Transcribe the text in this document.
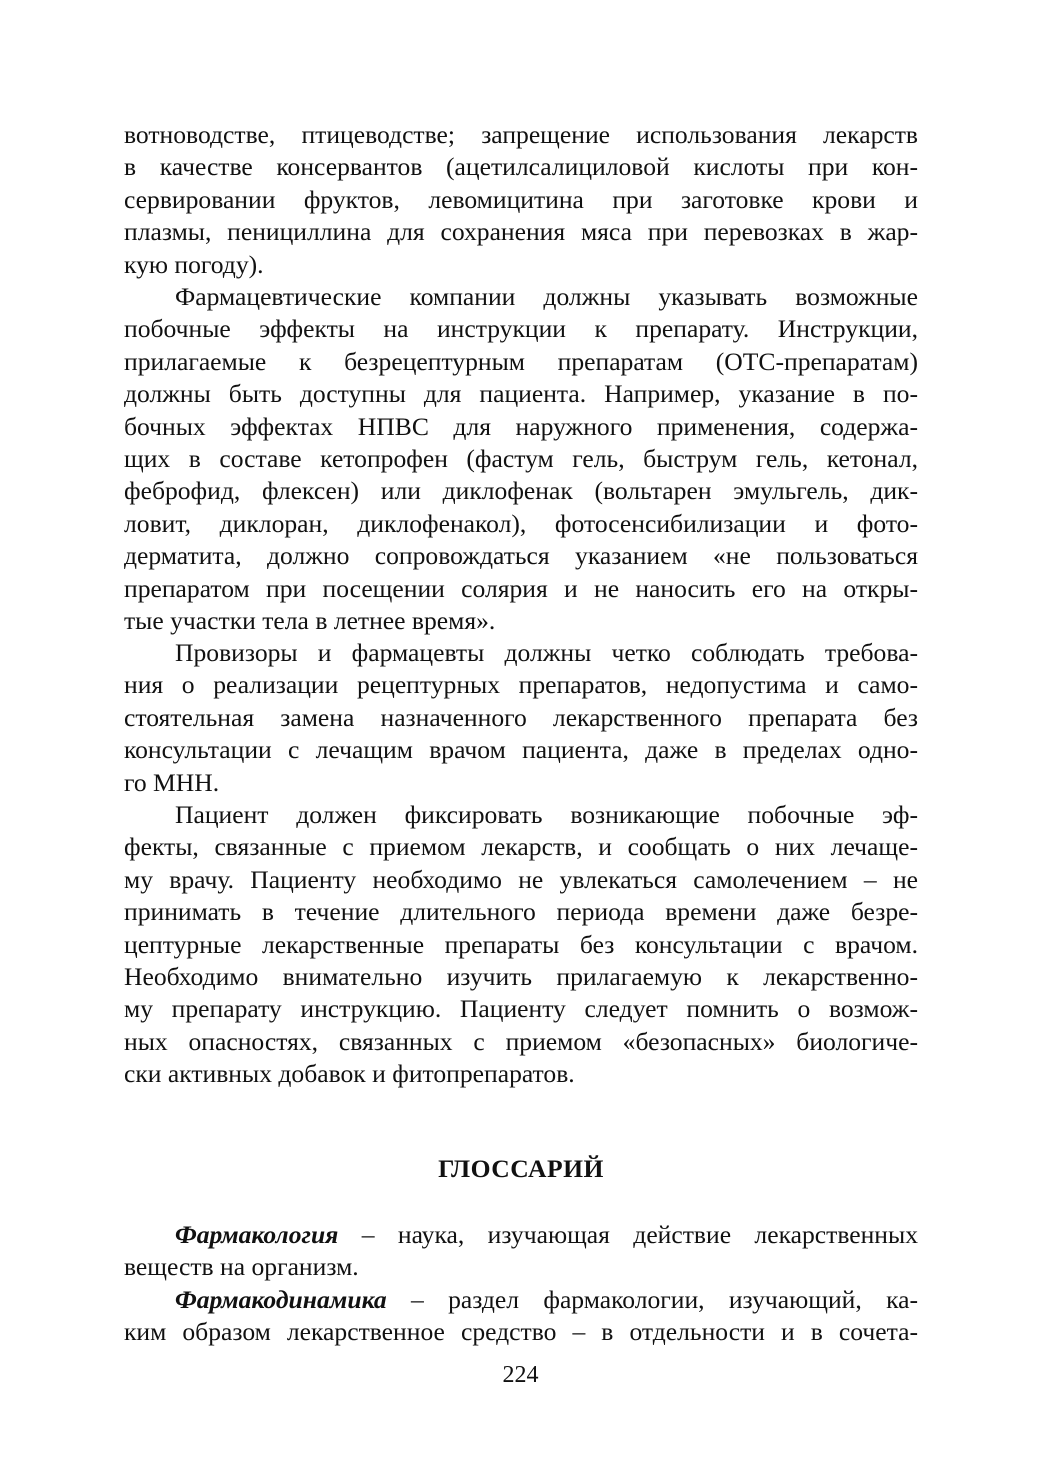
вотноводстве, птицеводстве; запрещение использования лекарств
в качестве консервантов (ацетилсалициловой кислоты при кон-
сервировании фруктов, левомицитина при заготовке крови и
плазмы, пенициллина для сохранения мяса при перевозках в жар-
кую погоду).
Фармацевтические компании должны указывать возможные
побочные эффекты на инструкции к препарату. Инструкции,
прилагаемые к безрецептурным препаратам (ОТС-препаратам)
должны быть доступны для пациента. Например, указание в по-
бочных эффектах НПВС для наружного применения, содержа-
щих в составе кетопрофен (фастум гель, быструм гель, кетонал,
феброфид, флексен) или диклофенак (вольтарен эмульгель, дик-
ловит, диклоран, диклофенакол), фотосенсибилизации и фото-
дерматита, должно сопровождаться указанием «не пользоваться
препаратом при посещении солярия и не наносить его на откры-
тые участки тела в летнее время».
Провизоры и фармацевты должны четко соблюдать требова-
ния о реализации рецептурных препаратов, недопустима и само-
стоятельная замена назначенного лекарственного препарата без
консультации с лечащим врачом пациента, даже в пределах одно-
го МНН.
Пациент должен фиксировать возникающие побочные эф-
фекты, связанные с приемом лекарств, и сообщать о них лечаще-
му врачу. Пациенту необходимо не увлекаться самолечением – не
принимать в течение длительного периода времени даже безре-
цептурные лекарственные препараты без консультации с врачом.
Необходимо внимательно изучить прилагаемую к лекарственно-
му препарату инструкцию. Пациенту следует помнить о возмож-
ных опасностях, связанных с приемом «безопасных» биологиче-
ски активных добавок и фитопрепаратов.
ГЛОССАРИЙ
Фармакология – наука, изучающая действие лекарственных
веществ на организм.
Фармакодинамика – раздел фармакологии, изучающий, ка-
ким образом лекарственное средство – в отдельности и в сочета-
224
